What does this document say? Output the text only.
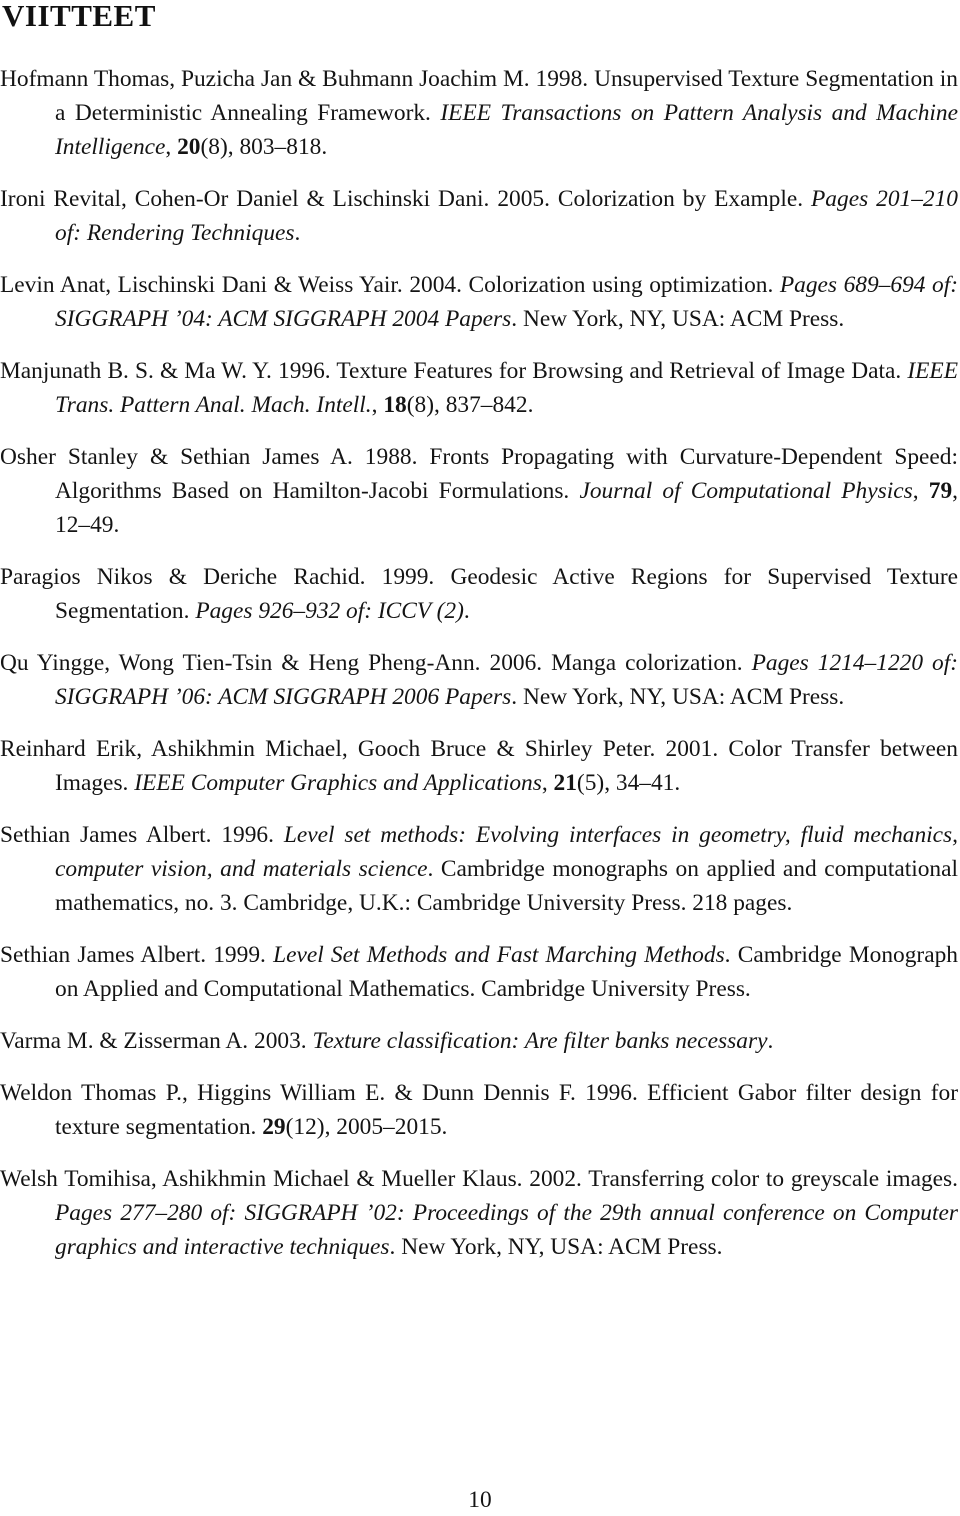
VIITTEET
Hofmann Thomas, Puzicha Jan & Buhmann Joachim M. 1998. Unsupervised Texture Segmentation in a Deterministic Annealing Framework. IEEE Transactions on Pattern Analysis and Machine Intelligence, 20(8), 803–818.
Ironi Revital, Cohen-Or Daniel & Lischinski Dani. 2005. Colorization by Example. Pages 201–210 of: Rendering Techniques.
Levin Anat, Lischinski Dani & Weiss Yair. 2004. Colorization using optimization. Pages 689–694 of: SIGGRAPH ’04: ACM SIGGRAPH 2004 Papers. New York, NY, USA: ACM Press.
Manjunath B. S. & Ma W. Y. 1996. Texture Features for Browsing and Retrieval of Image Data. IEEE Trans. Pattern Anal. Mach. Intell., 18(8), 837–842.
Osher Stanley & Sethian James A. 1988. Fronts Propagating with Curvature-Dependent Speed: Algorithms Based on Hamilton-Jacobi Formulations. Journal of Computational Physics, 79, 12–49.
Paragios Nikos & Deriche Rachid. 1999. Geodesic Active Regions for Supervised Texture Segmentation. Pages 926–932 of: ICCV (2).
Qu Yingge, Wong Tien-Tsin & Heng Pheng-Ann. 2006. Manga colorization. Pages 1214–1220 of: SIGGRAPH ’06: ACM SIGGRAPH 2006 Papers. New York, NY, USA: ACM Press.
Reinhard Erik, Ashikhmin Michael, Gooch Bruce & Shirley Peter. 2001. Color Transfer between Images. IEEE Computer Graphics and Applications, 21(5), 34–41.
Sethian James Albert. 1996. Level set methods: Evolving interfaces in geometry, fluid mechanics, computer vision, and materials science. Cambridge monographs on applied and computational mathematics, no. 3. Cambridge, U.K.: Cambridge University Press. 218 pages.
Sethian James Albert. 1999. Level Set Methods and Fast Marching Methods. Cambridge Monograph on Applied and Computational Mathematics. Cambridge University Press.
Varma M. & Zisserman A. 2003. Texture classification: Are filter banks necessary.
Weldon Thomas P., Higgins William E. & Dunn Dennis F. 1996. Efficient Gabor filter design for texture segmentation. 29(12), 2005–2015.
Welsh Tomihisa, Ashikhmin Michael & Mueller Klaus. 2002. Transferring color to greyscale images. Pages 277–280 of: SIGGRAPH ’02: Proceedings of the 29th annual conference on Computer graphics and interactive techniques. New York, NY, USA: ACM Press.
10
